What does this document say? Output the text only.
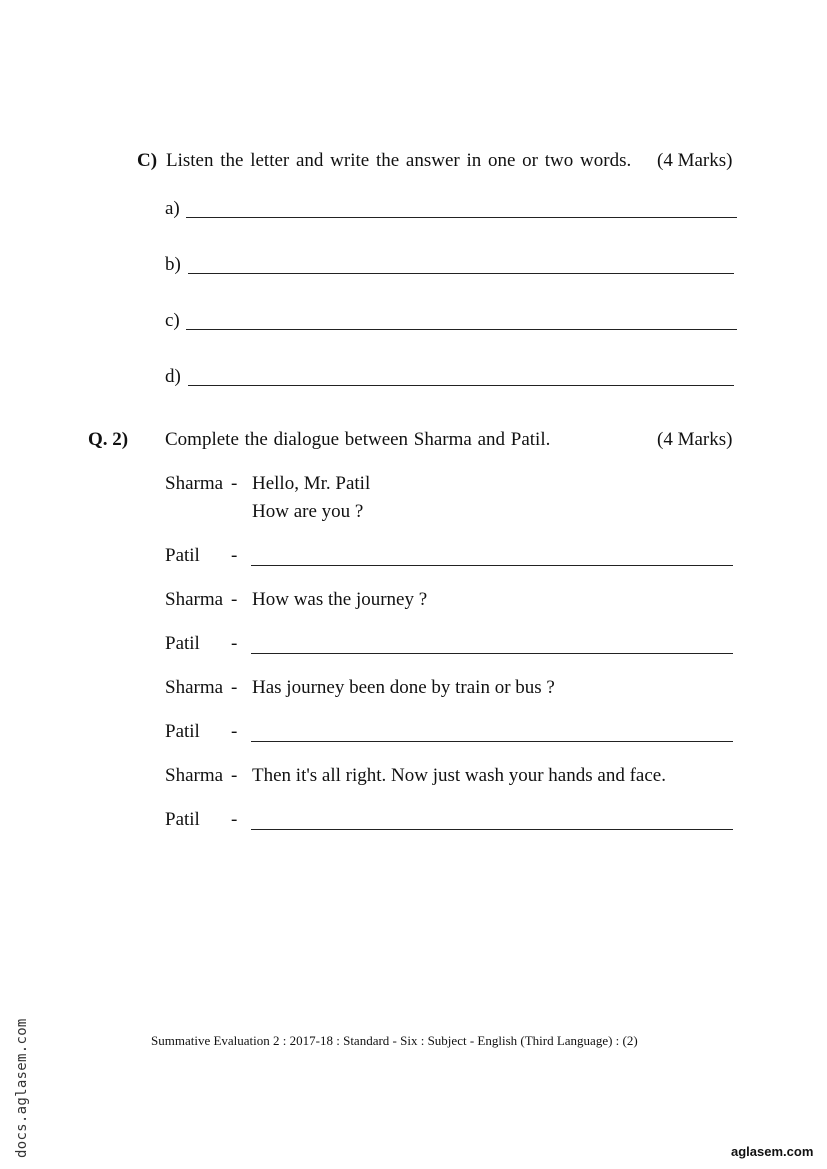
C) Listen the letter and write the answer in one or two words. (4 Marks)
a)
b)
c)
d)
Q. 2) Complete the dialogue between Sharma and Patil.	(4 Marks)
Sharma - Hello, Mr. Patil
How are you ?
Patil -
Sharma - How was the journey ?
Patil -
Sharma - Has journey been done by train or bus ?
Patil -
Sharma - Then it's all right. Now just wash your hands and face.
Patil -
Summative Evaluation 2 : 2017-18 : Standard - Six : Subject - English (Third Language) : (2)
docs.aglasem.com	aglasem.com
